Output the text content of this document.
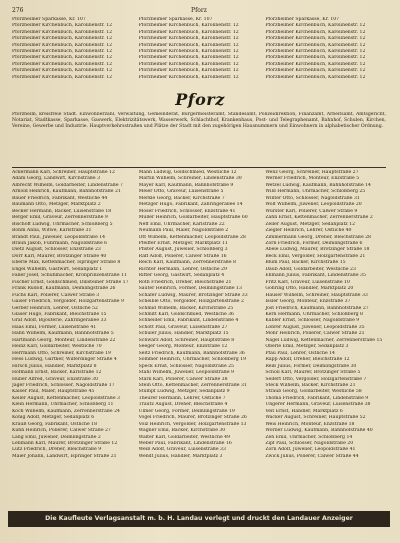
276	Pforz
Pforzheimer Sparkasse, Kr. 107
Pforzheimer Kirchenbuch, Karolinenstr. 12
Pforzheimer Kirchenbuch, Karolinenstr. 12
Pforzheimer Kirchenbuch, Karolinenstr. 12
Pforzheimer Kirchenbuch, Karolinenstr. 12
Pforzheimer Kirchenbuch, Karolinenstr. 12
Pforzheimer Kirchenbuch, Karolinenstr. 12
Pforzheimer Kirchenbuch, Karolinenstr. 12
Pforzheimer Kirchenbuch, Karolinenstr. 12
Pforzheimer Kirchenbuch, Karolinenstr. 12
Pforzheimer Sparkasse, Kr. 107
Pforzheimer Kirchenbuch, Karolinenstr. 12
Pforzheimer Kirchenbuch, Karolinenstr. 12
Pforzheimer Kirchenbuch, Karolinenstr. 12
Pforzheimer Kirchenbuch, Karolinenstr. 12
Pforzheimer Kirchenbuch, Karolinenstr. 12
Pforzheimer Kirchenbuch, Karolinenstr. 12
Pforzheimer Kirchenbuch, Karolinenstr. 12
Pforzheimer Kirchenbuch, Karolinenstr. 12
Pforzheimer Kirchenbuch, Karolinenstr. 12
Pforzheimer Sparkasse, Kr. 107
Pforzheimer Kirchenbuch, Karolinenstr. 12
Pforzheimer Kirchenbuch, Karolinenstr. 12
Pforzheimer Kirchenbuch, Karolinenstr. 12
Pforzheimer Kirchenbuch, Karolinenstr. 12
Pforzheimer Kirchenbuch, Karolinenstr. 12
Pforzheimer Kirchenbuch, Karolinenstr. 12
Pforzheimer Kirchenbuch, Karolinenstr. 12
Pforzheimer Kirchenbuch, Karolinenstr. 12
Pforzheimer Kirchenbuch, Karolinenstr. 12
Pforz
Pforzheim, kreisfreie Stadt. Einwohnerzahl, Verwaltung, Gemeinderat, Bürgermeisteramt, Standesamt, Polizeidirektion, Finanzamt, Arbeitsamt, Amtsgericht, Notariat, Stadtkasse, Sparkasse, Gaswerk, Elektrizitätswerk, Wasserwerk, Schlachthof, Krankenhaus, Post- und Telegraphenamt, Bahnhof, Schulen, Kirchen, Vereine, Gewerbe und Industrie. Hauptverkehrsstraßen und Plätze der Stadt mit den zugehörigen Hausnummern und Einwohnern in alphabetischer Ordnung.
Ackermann Karl, Schreiner, Hauptstraße 12
Adam Georg, Landwirt, Kirchstraße 3
Albrecht Wilhelm, Goldarbeiter, Lindenstraße 7
Arnold Heinrich, Kaufmann, Bahnhofstraße 21
Bauer Friedrich, Fabrikant, Westliche 44
Baumann Otto, Metzger, Marktplatz 2
Becker Hermann, Bäcker, Luisenstraße 18
Berger Emil, Graveur, Zerrennerstraße 9
Bischoff Ludwig, Uhrmacher, Schloßberg 5
Böhm Anna, Witwe, Karlstraße 31
Brandt Paul, Juwelier, Leopoldstraße 14
Braun Jakob, Fuhrmann, Nagoldstraße 6
Dietz August, Schlosser, Enzstraße 23
Dörr Karl, Maurer, Brötzinger Straße 40
Eberle Max, Kettenmacher, Ispringer Straße 8
Engel Wilhelm, Gastwirt, Sedanplatz 1
Faller Josef, Schuhmacher, Kronprinzenstraße 11
Fischer Ernst, Goldschmied, Dillsteiner Straße 17
Frank Rudolf, Kaufmann, Deimlingstraße 26
Fuchs Karl, Polierer, Calwer Straße 3
Gaiser Friedrich, Vergolder, Holzgartenstraße 9
Gerber Heinrich, Lehrer, Östliche 52
Gläser Hugo, Fabrikant, Bleichstraße 15
Graf Adolf, Bijouterie, Zähringerallee 33
Haas Emil, Former, Luisenstraße 41
Hahn Wilhelm, Kaufmann, Bahnhofstraße 5
Hartmann Georg, Monteur, Lindenstraße 22
Heinz Karl, Goldarbeiter, Westliche 70
Herrmann Otto, Schreiner, Kirchstraße 19
Hess Ludwig, Gärtner, Wilferdinger Straße 4
Hirsch Julius, Händler, Marktplatz 8
Hofmann Ernst, Bäcker, Karlstraße 12
Huber Alfred, Graveur, Enzstraße 30
Jäger Friedrich, Schlosser, Nagoldstraße 17
Kaiser Paul, Maler, Hauptstraße 45
Keller August, Kettenmacher, Leopoldstraße 3
Klein Hermann, Uhrmacher, Schloßberg 11
Koch Wilhelm, Kaufmann, Zerrennerstraße 24
König Adolf, Metzger, Sedanplatz 6
Krauß Georg, Fabrikant, Östliche 18
Kuhn Heinrich, Polierer, Calwer Straße 27
Lang Emil, Juwelier, Deimlingstraße 2
Lehmann Karl, Maurer, Brötzinger Straße 12
Lutz Friedrich, Dreher, Bleichstraße 9
Maier Johann, Landwirt, Ispringer Straße 21
Mann Ludwig, Goldschmied, Westliche 12
Martin Wilhelm, Schreiner, Lindenstraße 30
Mayer Karl, Kaufmann, Bahnhofstraße 9
Meier Otto, Graveur, Luisenstraße 5
Merkle Georg, Bäcker, Kirchstraße 7
Metzger Hugo, Fabrikant, Zähringerallee 14
Moser Friedrich, Schlosser, Enzstraße 41
Müller Heinrich, Goldarbeiter, Hauptstraße 60
Neff Emil, Uhrmacher, Karlstraße 22
Neumann Paul, Maler, Nagoldstraße 2
Ott Wilhelm, Kettenmacher, Leopoldstraße 28
Pfeiffer Ernst, Metzger, Marktplatz 11
Pfister August, Juwelier, Schloßberg 3
Raff Adolf, Polierer, Calwer Straße 16
Reich Karl, Kaufmann, Zerrennerstraße 8
Richter Hermann, Lehrer, Östliche 29
Ritter Georg, Gastwirt, Sedanplatz 4
Roth Friedrich, Dreher, Bleichstraße 21
Sauter Heinrich, Former, Deimlingstraße 13
Schäfer Ludwig, Maurer, Brötzinger Straße 33
Scheible Otto, Vergolder, Holzgartenstraße 2
Schmid Wilhelm, Bäcker, Kirchstraße 25
Schmitt Karl, Goldschmied, Westliche 36
Schneider Emil, Fabrikant, Lindenstraße 4
Schott Paul, Graveur, Luisenstraße 27
Schuler Julius, Händler, Marktplatz 15
Schwarz Adolf, Schreiner, Hauptstraße 8
Seeger Georg, Monteur, Enzstraße 12
Seitz Friedrich, Kaufmann, Bahnhofstraße 36
Sommer Heinrich, Uhrmacher, Schloßberg 19
Speck Ernst, Schlosser, Nagoldstraße 25
Stahl Wilhelm, Juwelier, Leopoldstraße 9
Stark Karl, Polierer, Calwer Straße 38
Stein Otto, Kettenmacher, Zerrennerstraße 31
Stumpf Ludwig, Metzger, Sedanplatz 9
Theurer Hermann, Lehrer, Östliche 7
Trautz August, Dreher, Bleichstraße 4
Ulmer Georg, Former, Deimlingstraße 19
Vogel Friedrich, Maurer, Brötzinger Straße 26
Volz Heinrich, Vergolder, Holzgartenstraße 13
Wagner Emil, Bäcker, Kirchstraße 30
Walter Karl, Goldarbeiter, Westliche 49
Weber Paul, Fabrikant, Lindenstraße 16
Weiß Adolf, Graveur, Luisenstraße 33
Wendt Julius, Händler, Marktplatz 3
Wenz Georg, Schreiner, Hauptstraße 27
Werner Friedrich, Monteur, Enzstraße 5
Wetzel Ludwig, Kaufmann, Bahnhofstraße 14
Wild Hermann, Uhrmacher, Schloßberg 25
Winter Otto, Schlosser, Nagoldstraße 31
Wolf Wilhelm, Juwelier, Leopoldstraße 20
Wurster Karl, Polierer, Calwer Straße 9
Zahn Ernst, Kettenmacher, Zerrennerstraße 2
Zeller August, Metzger, Sedanplatz 12
Ziegler Heinrich, Lehrer, Östliche 40
Zimmermann Georg, Dreher, Bleichstraße 28
Zorn Friedrich, Former, Deimlingstraße 6
Abele Ludwig, Maurer, Brötzinger Straße 18
Beck Emil, Vergolder, Holzgartenstraße 21
Blum Paul, Bäcker, Kirchstraße 15
Daub Adolf, Goldarbeiter, Westliche 23
Ehmann Julius, Fabrikant, Lindenstraße 35
Fritz Karl, Graveur, Luisenstraße 10
Göhring Otto, Händler, Marktplatz 20
Hauser Wilhelm, Schreiner, Hauptstraße 33
Issler Georg, Monteur, Enzstraße 37
Jost Friedrich, Kaufmann, Bahnhofstraße 27
Kern Hermann, Uhrmacher, Schloßberg 8
Kübler Ernst, Schlosser, Nagoldstraße 9
Lohrer August, Juwelier, Leopoldstraße 35
Mohr Heinrich, Polierer, Calwer Straße 21
Nagel Ludwig, Kettenmacher, Zerrennerstraße 15
Oberle Emil, Metzger, Sedanplatz 3
Pfau Paul, Lehrer, Östliche 14
Rapp Adolf, Dreher, Bleichstraße 12
Reiß Julius, Former, Deimlingstraße 30
Scholl Karl, Maurer, Brötzinger Straße 5
Seifert Otto, Vergolder, Holzgartenstraße 7
Steck Wilhelm, Bäcker, Kirchstraße 21
Straub Georg, Goldarbeiter, Westliche 58
Thoma Friedrich, Fabrikant, Lindenstraße 9
Ungerer Hermann, Graveur, Luisenstraße 38
Veit Ernst, Händler, Marktplatz 6
Wacker August, Schreiner, Hauptstraße 52
Weis Heinrich, Monteur, Enzstraße 18
Wörner Ludwig, Kaufmann, Bahnhofstraße 40
Zeh Emil, Uhrmacher, Schloßberg 14
Zipf Paul, Schlosser, Nagoldstraße 20
Zorn Adolf, Juwelier, Leopoldstraße 41
Zwick Julius, Polierer, Calwer Straße 44
Die Kaufleute Verlagsanstalt m. b. H. Landau verlegt und druckt den Landauer Anzeiger
